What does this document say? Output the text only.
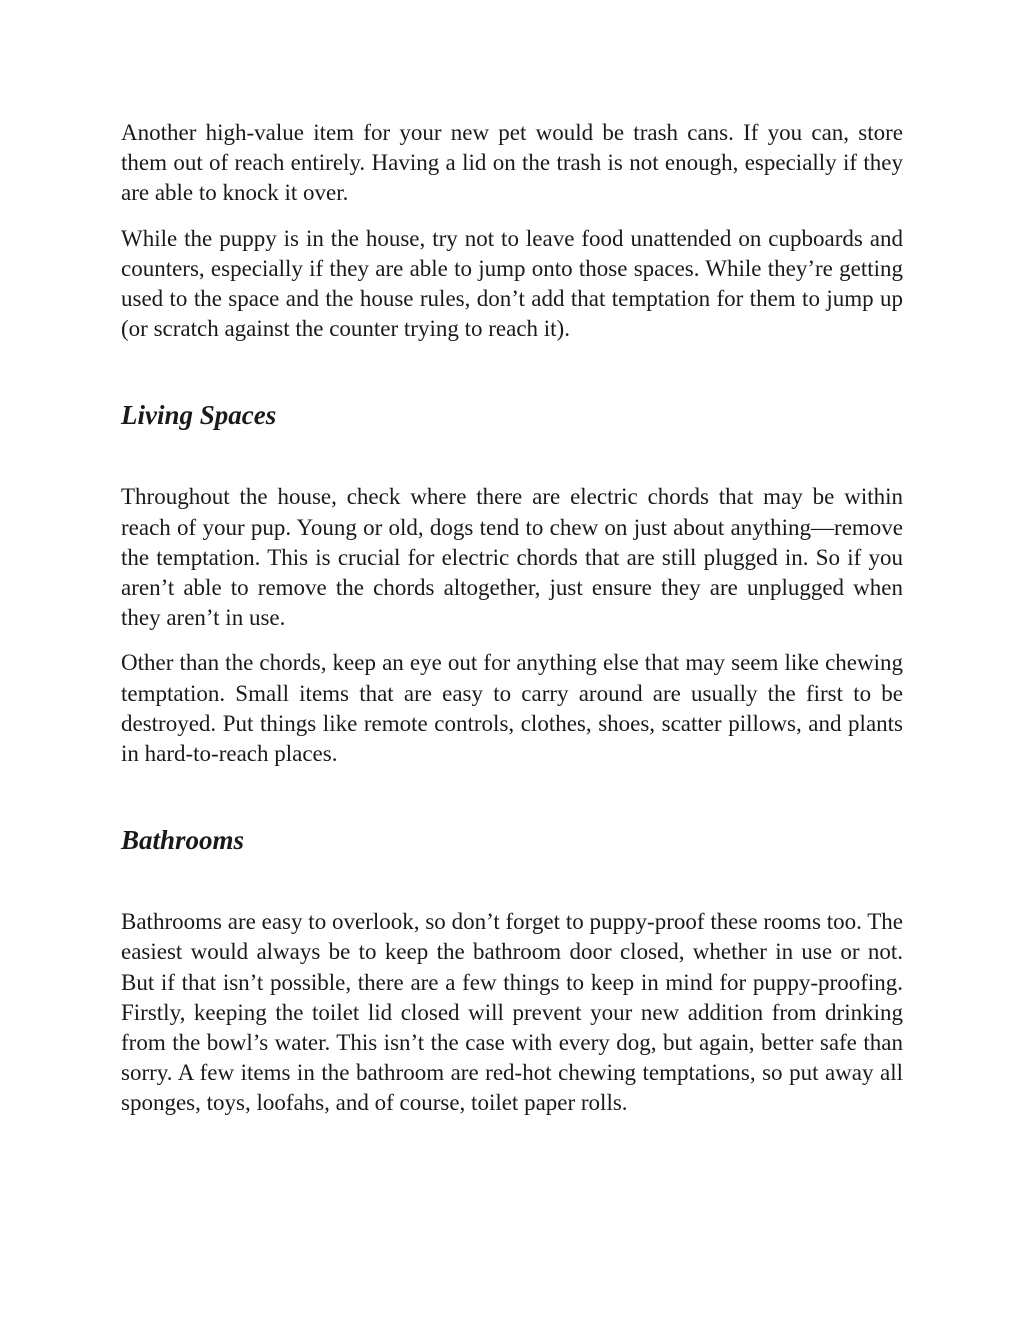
Another high-value item for your new pet would be trash cans. If you can, store them out of reach entirely. Having a lid on the trash is not enough, especially if they are able to knock it over.

While the puppy is in the house, try not to leave food unattended on cupboards and counters, especially if they are able to jump onto those spaces. While they’re getting used to the space and the house rules, don’t add that temptation for them to jump up (or scratch against the counter trying to reach it).

Living Spaces

Throughout the house, check where there are electric chords that may be within reach of your pup. Young or old, dogs tend to chew on just about anything—remove the temptation. This is crucial for electric chords that are still plugged in. So if you aren’t able to remove the chords altogether, just ensure they are unplugged when they aren’t in use.

Other than the chords, keep an eye out for anything else that may seem like chewing temptation. Small items that are easy to carry around are usually the first to be destroyed. Put things like remote controls, clothes, shoes, scatter pillows, and plants in hard-to-reach places.

Bathrooms

Bathrooms are easy to overlook, so don’t forget to puppy-proof these rooms too. The easiest would always be to keep the bathroom door closed, whether in use or not. But if that isn’t possible, there are a few things to keep in mind for puppy-proofing. Firstly, keeping the toilet lid closed will prevent your new addition from drinking from the bowl’s water. This isn’t the case with every dog, but again, better safe than sorry. A few items in the bathroom are red-hot chewing temptations, so put away all sponges, toys, loofahs, and of course, toilet paper rolls.
